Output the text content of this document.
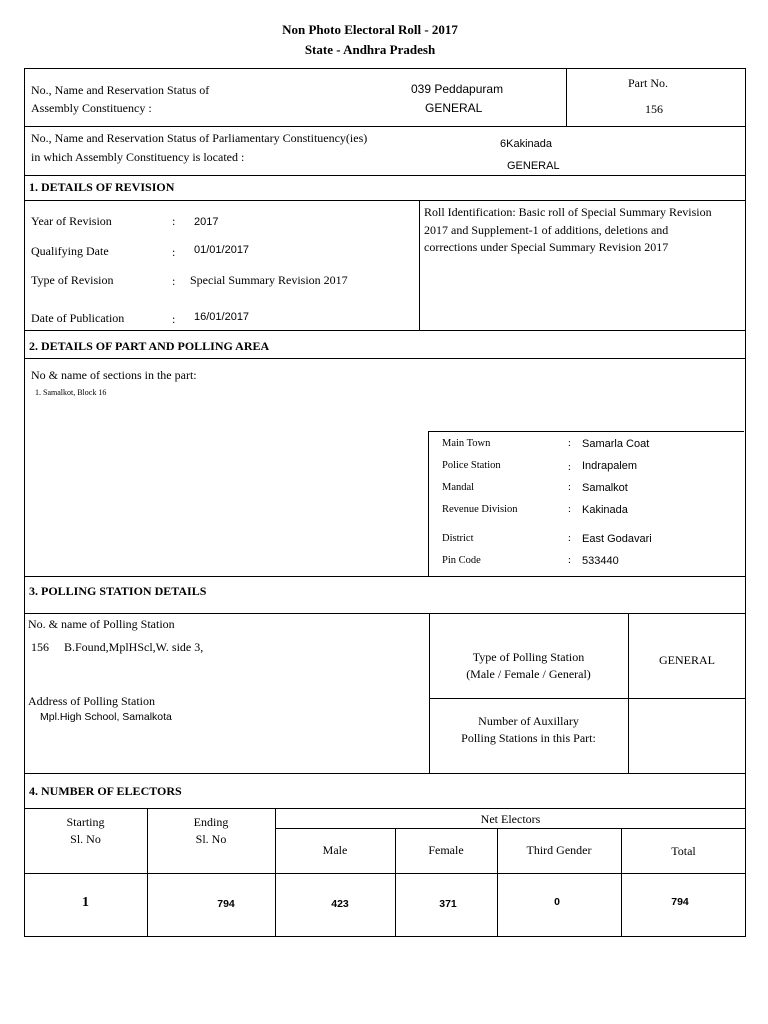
Non Photo Electoral Roll - 2017
State - Andhra Pradesh
No., Name and Reservation Status of
Assembly Constituency :
039 Peddapuram
GENERAL
Part No.
156
No., Name and Reservation Status of Parliamentary Constituency(ies)
in which Assembly Constituency is located :
6Kakinada
GENERAL
1. DETAILS OF REVISION
Year of Revision	: 2017
Qualifying Date	: 01/01/2017
Type of Revision	: Special Summary Revision 2017
Date of Publication	: 16/01/2017
Roll Identification: Basic roll of Special Summary Revision 2017 and Supplement-1 of additions, deletions and corrections under Special Summary Revision 2017
2. DETAILS OF PART AND POLLING AREA
No & name of sections in the part:
1. Samalkot, Block 16
Main Town	: Samarla Coat
Police Station	: Indrapalem
Mandal	: Samalkot
Revenue Division	: Kakinada
District	: East Godavari
Pin Code	: 533440
3. POLLING STATION DETAILS
No. & name of Polling Station
156 B.Found,MplHScl,W. side 3,
Address of Polling Station
Mpl.High School, Samalkota
Type of Polling Station
(Male / Female / General)
GENERAL
Number of Auxillary
Polling Stations in this Part:
4. NUMBER OF ELECTORS
Starting
Sl. No
Ending
Sl. No
Net Electors
Male	Female	Third Gender	Total
1	794	423	371	0	794
